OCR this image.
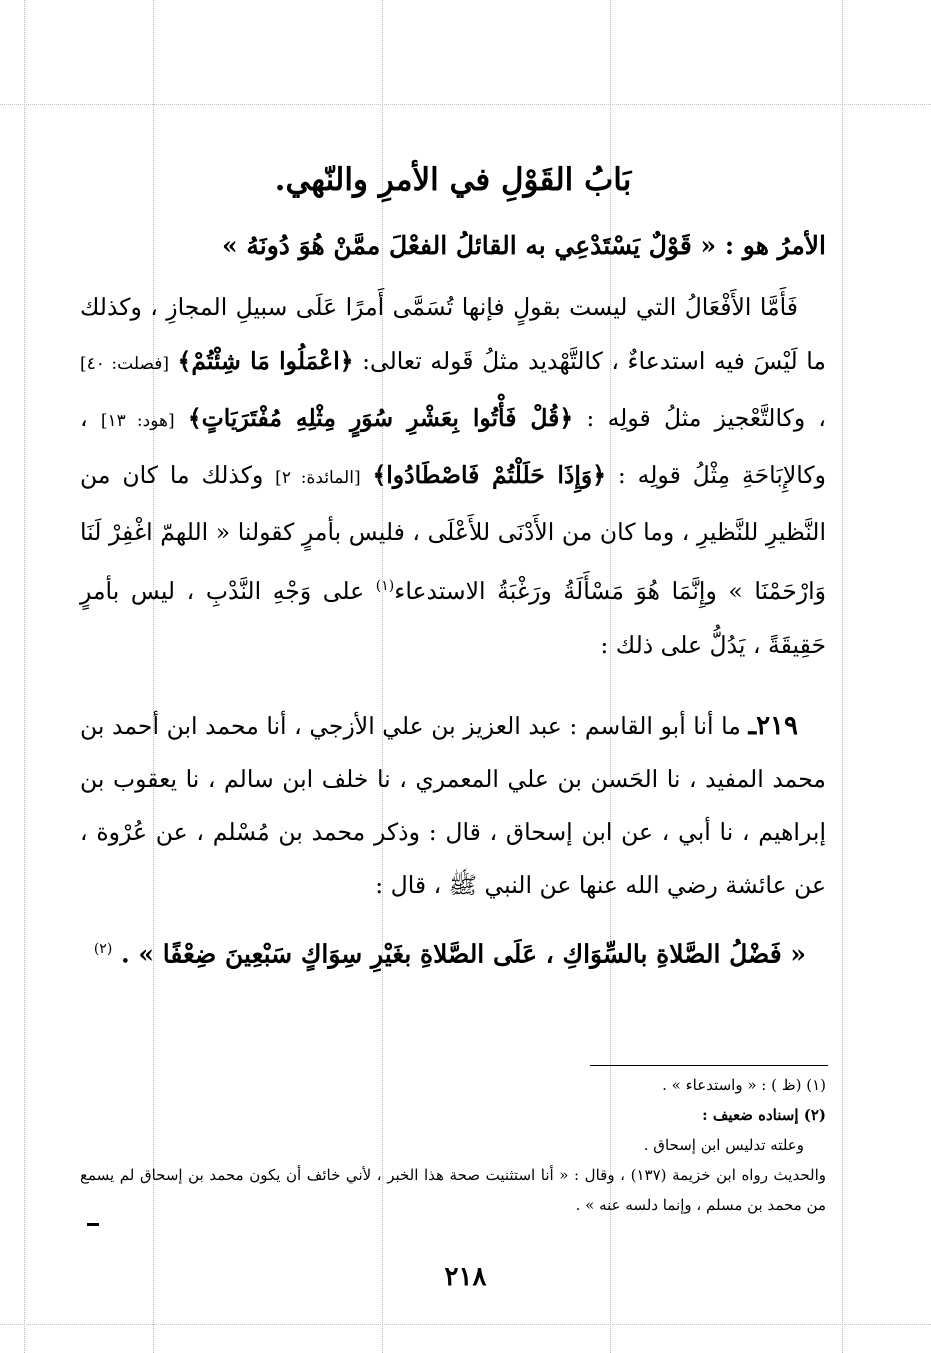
بَابُ القَوْلِ في الأمرِ والنّهي.

الأمرُ هو : « قَوْلٌ يَسْتَدْعِي به القائلُ الفعْلَ ممَّنْ هُوَ دُونَهُ »

فَأَمَّا الأَفْعَالُ التي ليست بقولٍ فإنها تُسَمَّى أَمرًا عَلَى سبيلِ المجازِ ، وكذلك ما لَيْسَ فيه استدعاءٌ ، كالتَّهْديد مثلُ قَوله تعالى: ﴿اعْمَلُوا مَا شِئْتُمْ﴾ [فصلت: ٤٠] ، وكالتَّعْجيز مثلُ قولِه : ﴿قُلْ فَأْتُوا بِعَشْرِ سُوَرٍ مِثْلِهِ مُفْتَرَيَاتٍ﴾ [هود: ١٣] ، وكالإِبَاحَةِ مِثْلُ قولِه : ﴿وَإِذَا حَلَلْتُمْ فَاصْطَادُوا﴾ [المائدة: ٢] وكذلك ما كان من النَّظيرِ للنَّظيرِ ، وما كان من الأَدْنَى للأَعْلَى ، فليس بأمرٍ كقولنا « اللهمّ اغْفِرْ لَنَا وَارْحَمْنَا » وإِنَّمَا هُوَ مَسْأَلَةُ ورَغْبَةُ الاستدعاء$^{(١)}$ على وَجْهِ النَّدْبِ ، ليس بأمرٍ حَقِيقَةً ، يَدُلُّ على ذلك :

٢١٩ـ ما أنا أبو القاسم : عبد العزيز بن علي الأزجي ، أنا محمد ابن أحمد بن محمد المفيد ، نا الحَسن بن علي المعمري ، نا خلف ابن سالم ، نا يعقوب بن إبراهيم ، نا أبي ، عن ابن إسحاق ، قال : وذكر محمد بن مُسْلم ، عن عُرْوة ، عن عائشة رضي الله عنها عن النبي ﷺ ، قال :

« فَضْلُ الصَّلاةِ بالسِّوَاكِ ، عَلَى الصَّلاةِ بغَيْرِ سِوَاكٍ سَبْعِينَ ضِعْفًا » . $^{(٢)}$

(١) (ظ ) : « واستدعاء » .

(٢) إسناده ضعيف :

وعلته تدليس ابن إسحاق .

والحديث رواه ابن خزيمة (١٣٧) ، وقال : « أنا استثنيت صحة هذا الخبر ، لأني خائف أن يكون محمد بن إسحاق لم يسمع من محمد بن مسلم ، وإنما دلسه عنه » .

٢١٨
